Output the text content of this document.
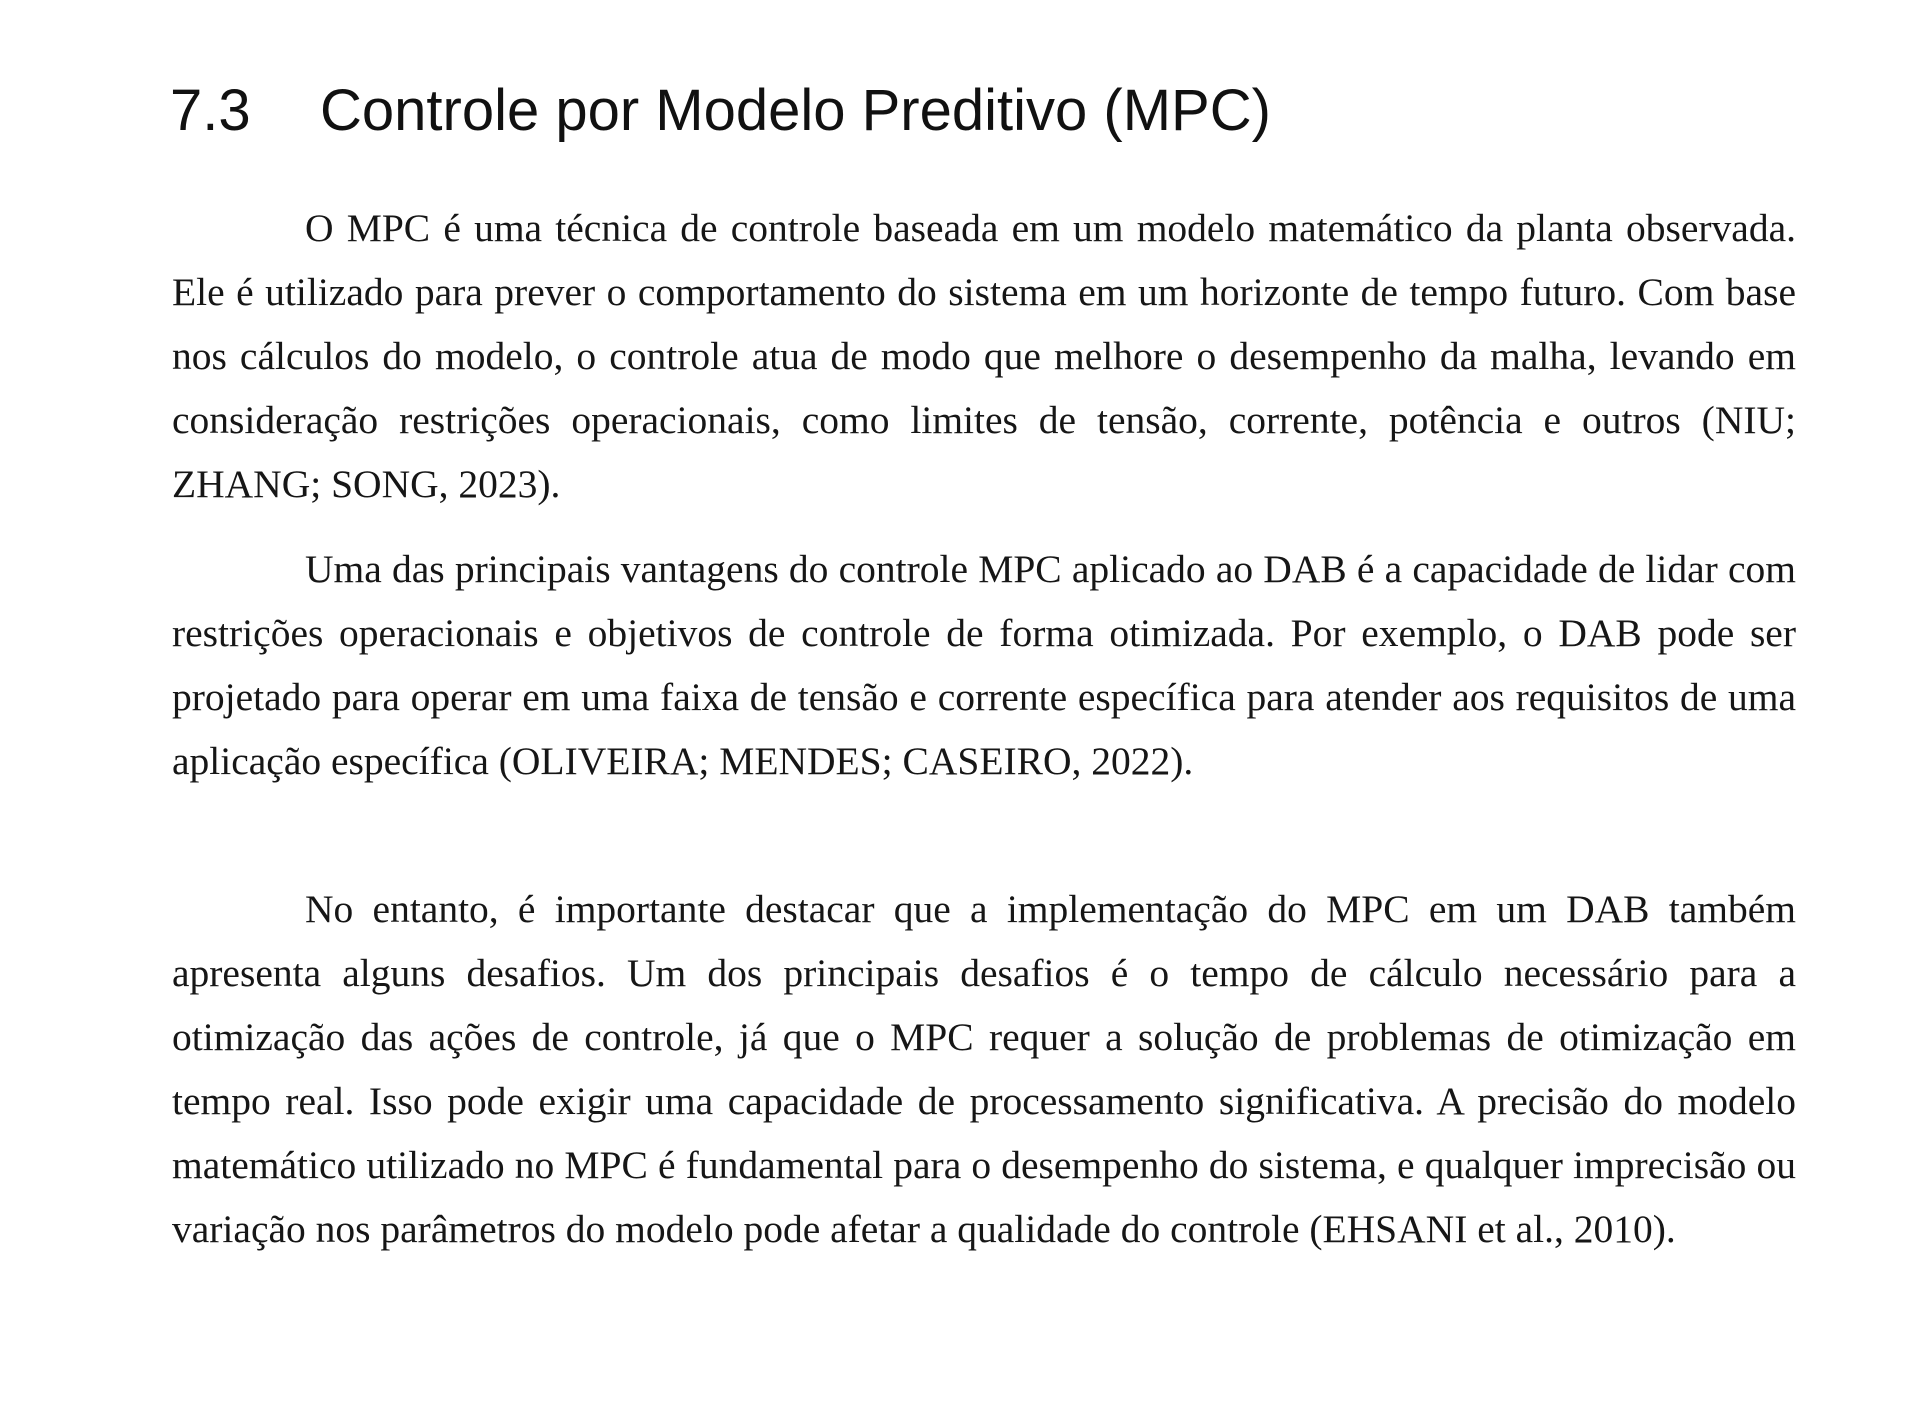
7.3 Controle por Modelo Preditivo (MPC)

O MPC é uma técnica de controle baseada em um modelo matemático da planta observada. Ele é utilizado para prever o comportamento do sistema em um horizonte de tempo futuro. Com base nos cálculos do modelo, o controle atua de modo que melhore o desempenho da malha, levando em consideração restrições operacionais, como limites de tensão, corrente, potência e outros (NIU; ZHANG; SONG, 2023).

Uma das principais vantagens do controle MPC aplicado ao DAB é a capacidade de lidar com restrições operacionais e objetivos de controle de forma otimizada. Por exemplo, o DAB pode ser projetado para operar em uma faixa de tensão e corrente específica para atender aos requisitos de uma aplicação específica (OLIVEIRA; MENDES; CASEIRO, 2022).

No entanto, é importante destacar que a implementação do MPC em um DAB também apresenta alguns desafios. Um dos principais desafios é o tempo de cálculo necessário para a otimização das ações de controle, já que o MPC requer a solução de problemas de otimização em tempo real. Isso pode exigir uma capacidade de processamento significativa. A precisão do modelo matemático utilizado no MPC é fundamental para o desempenho do sistema, e qualquer imprecisão ou variação nos parâmetros do modelo pode afetar a qualidade do controle (EHSANI et al., 2010).
